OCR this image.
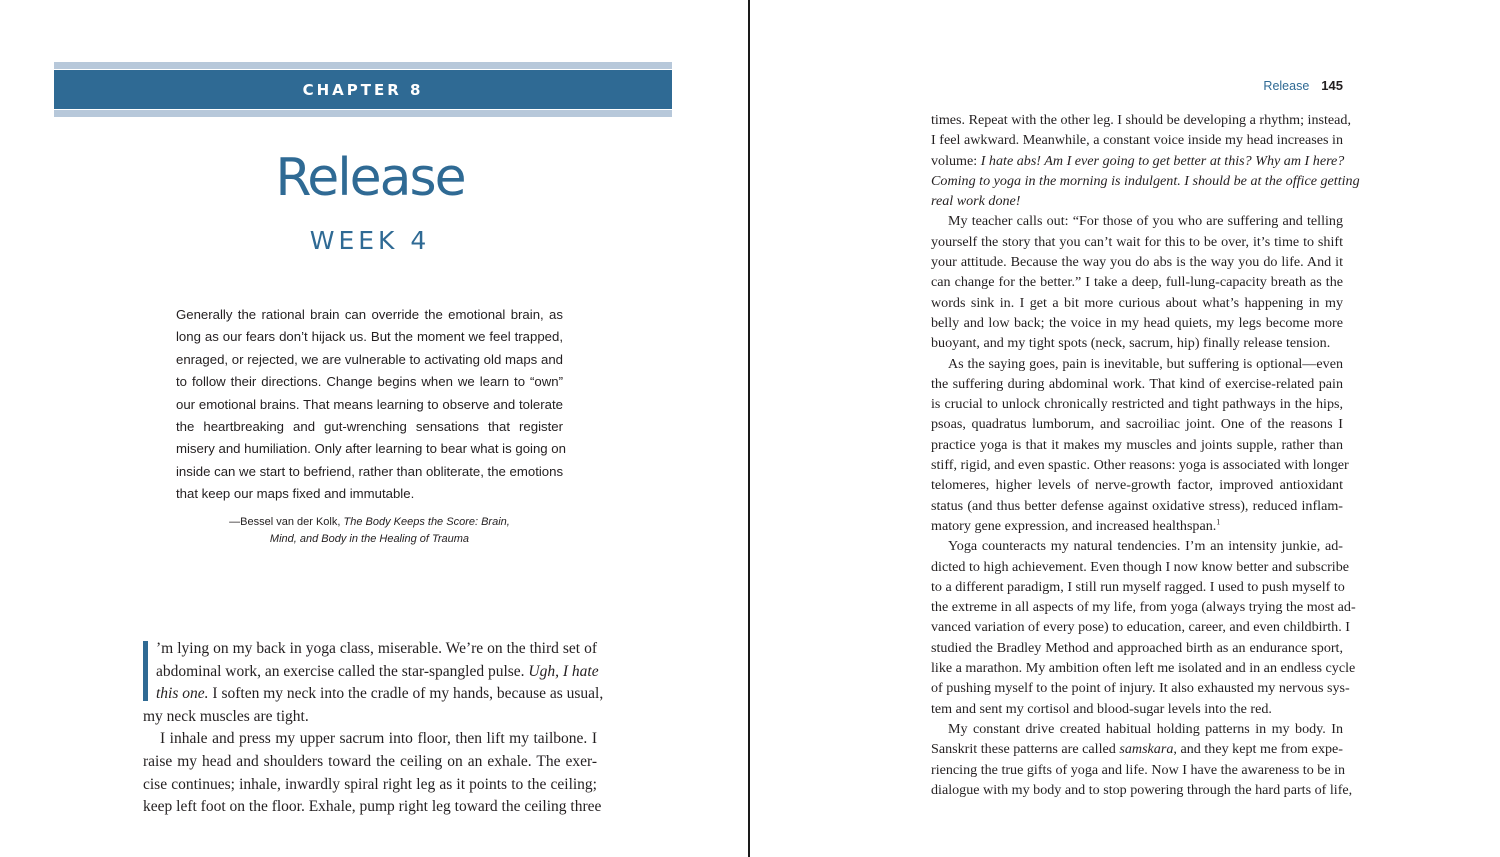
CHAPTER 8
Release
WEEK 4
Generally the rational brain can override the emotional brain, as
long as our fears don’t hijack us. But the moment we feel trapped,
enraged, or rejected, we are vulnerable to activating old maps and
to follow their directions. Change begins when we learn to “own”
our emotional brains. That means learning to observe and tolerate
the heartbreaking and gut-wrenching sensations that register
misery and humiliation. Only after learning to bear what is going on
inside can we start to befriend, rather than obliterate, the emotions
that keep our maps fixed and immutable.
—Bessel van der Kolk, The Body Keeps the Score: Brain,
Mind, and Body in the Healing of Trauma
’m lying on my back in yoga class, miserable. We’re on the third set of
abdominal work, an exercise called the star-spangled pulse. Ugh, I hate
this one. I soften my neck into the cradle of my hands, because as usual,
my neck muscles are tight.
I inhale and press my upper sacrum into floor, then lift my tailbone. I
raise my head and shoulders toward the ceiling on an exhale. The exer-
cise continues; inhale, inwardly spiral right leg as it points to the ceiling;
keep left foot on the floor. Exhale, pump right leg toward the ceiling three
Release 145
times. Repeat with the other leg. I should be developing a rhythm; instead,
I feel awkward. Meanwhile, a constant voice inside my head increases in
volume: I hate abs! Am I ever going to get better at this? Why am I here?
Coming to yoga in the morning is indulgent. I should be at the office getting
real work done!
My teacher calls out: “For those of you who are suffering and telling
yourself the story that you can’t wait for this to be over, it’s time to shift
your attitude. Because the way you do abs is the way you do life. And it
can change for the better.” I take a deep, full-lung-capacity breath as the
words sink in. I get a bit more curious about what’s happening in my
belly and low back; the voice in my head quiets, my legs become more
buoyant, and my tight spots (neck, sacrum, hip) finally release tension.
As the saying goes, pain is inevitable, but suffering is optional—even
the suffering during abdominal work. That kind of exercise-related pain
is crucial to unlock chronically restricted and tight pathways in the hips,
psoas, quadratus lumborum, and sacroiliac joint. One of the reasons I
practice yoga is that it makes my muscles and joints supple, rather than
stiff, rigid, and even spastic. Other reasons: yoga is associated with longer
telomeres, higher levels of nerve-growth factor, improved antioxidant
status (and thus better defense against oxidative stress), reduced inflam-
matory gene expression, and increased healthspan.$^1$
Yoga counteracts my natural tendencies. I’m an intensity junkie, ad-
dicted to high achievement. Even though I now know better and subscribe
to a different paradigm, I still run myself ragged. I used to push myself to
the extreme in all aspects of my life, from yoga (always trying the most ad-
vanced variation of every pose) to education, career, and even childbirth. I
studied the Bradley Method and approached birth as an endurance sport,
like a marathon. My ambition often left me isolated and in an endless cycle
of pushing myself to the point of injury. It also exhausted my nervous sys-
tem and sent my cortisol and blood-sugar levels into the red.
My constant drive created habitual holding patterns in my body. In
Sanskrit these patterns are called samskara, and they kept me from expe-
riencing the true gifts of yoga and life. Now I have the awareness to be in
dialogue with my body and to stop powering through the hard parts of life,
